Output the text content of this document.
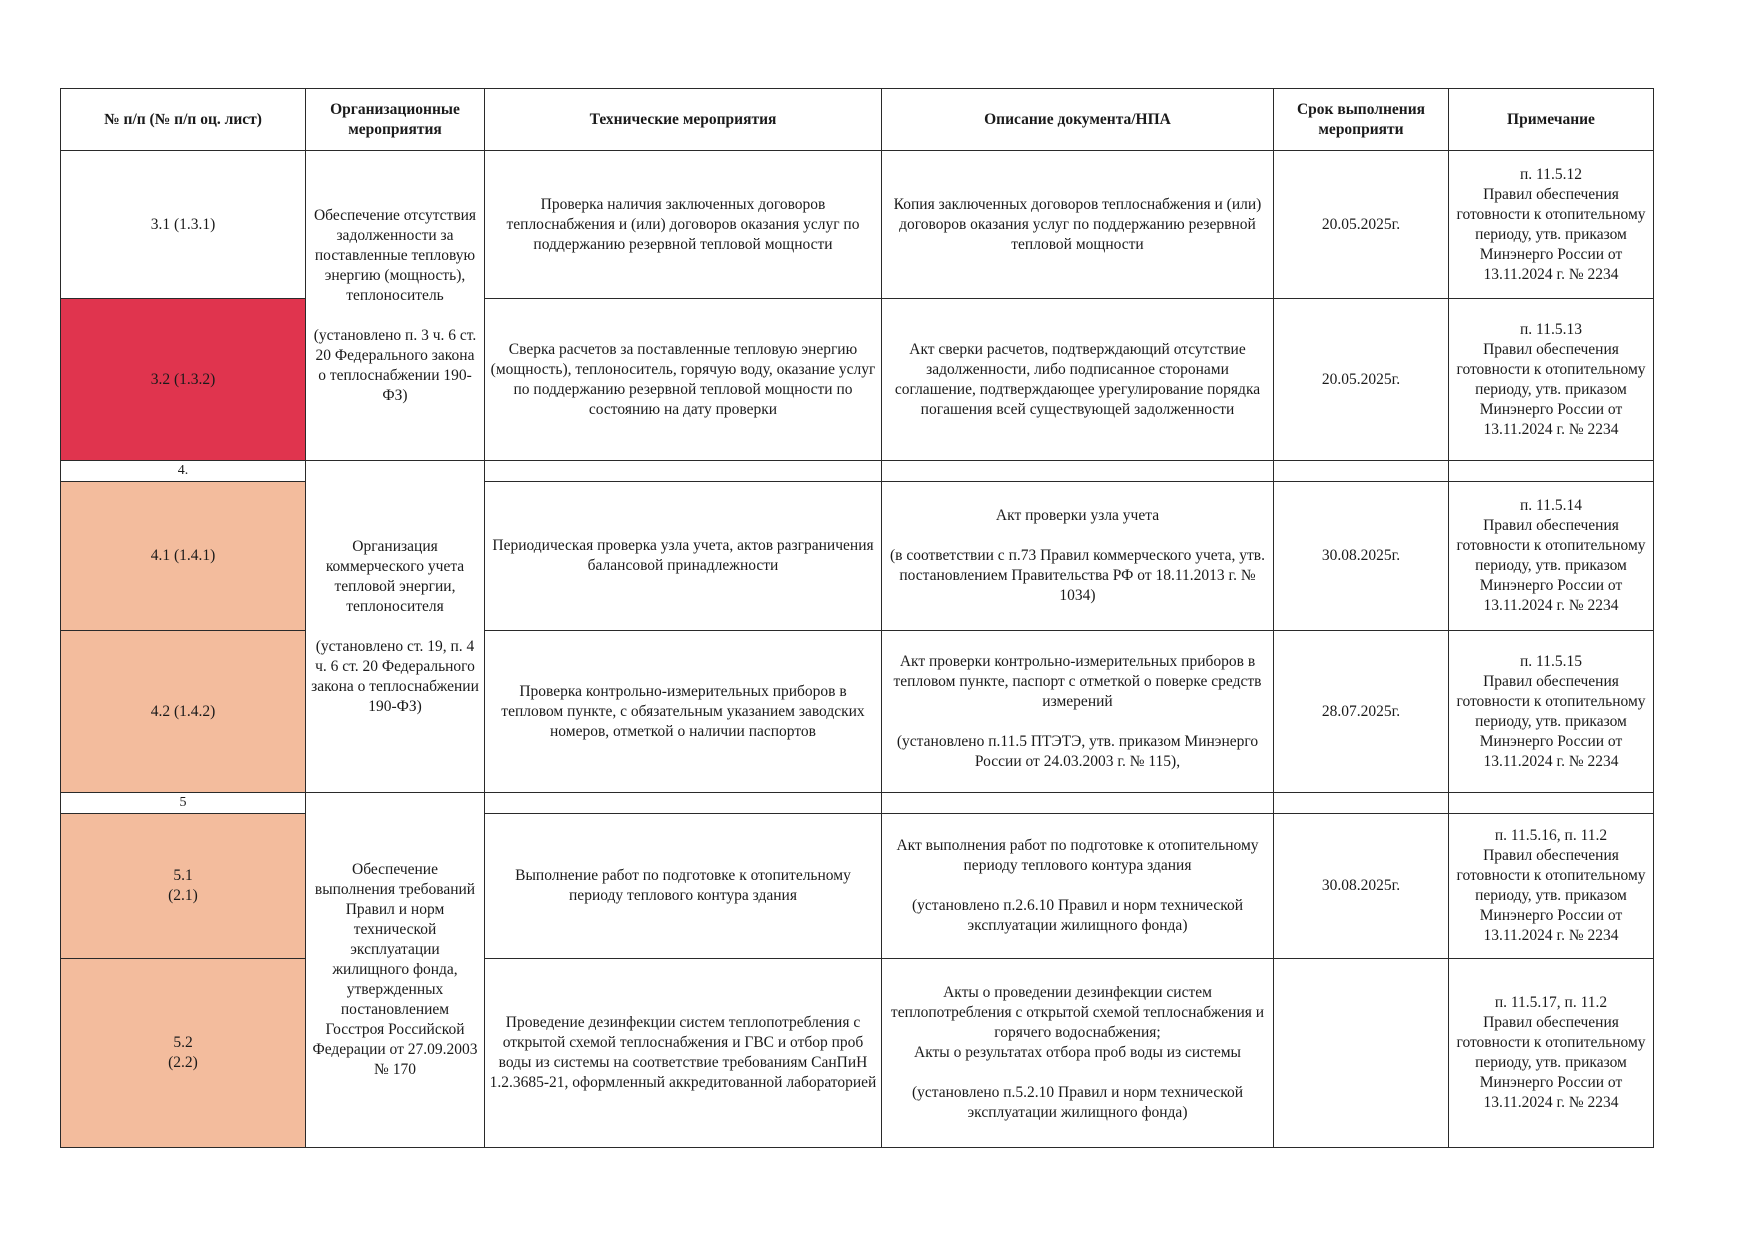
№ п/п (№ п/п оц. лист)
Организационные мероприятия
Технические мероприятия	Описание документа/НПА
Срок выполнения мероприяти
Примечание
3.1 (1.3.1)
3.2 (1.3.2)
Обеспечение отсутствия задолженности за поставленные тепловую энергию (мощность), теплоноситель
(установлено п. 3 ч. 6 ст. 20 Федерального закона о теплоснабжении 190-ФЗ)
Проверка наличия заключенных договоров теплоснабжения и (или) договоров оказания услуг по поддержанию резервной тепловой мощности
Копия заключенных договоров теплоснабжения и (или) договоров оказания услуг по поддержанию резервной тепловой мощности
20.05.2025г.
п. 11.5.12
Правил обеспечения готовности к отопительному периоду, утв. приказом Минэнерго России от 13.11.2024 г. № 2234
Сверка расчетов за поставленные тепловую энергию (мощность), теплоноситель, горячую воду, оказание услуг по поддержанию резервной тепловой мощности по состоянию на дату проверки
Акт сверки расчетов, подтверждающий отсутствие задолженности, либо подписанное сторонами соглашение, подтверждающее урегулирование порядка погашения всей существующей задолженности
20.05.2025г.
п. 11.5.13
Правил обеспечения готовности к отопительному периоду, утв. приказом Минэнерго России от 13.11.2024 г. № 2234
4.
4.1 (1.4.1)
4.2 (1.4.2)
Организация коммерческого учета тепловой энергии, теплоносителя
(установлено ст. 19, п. 4 ч. 6 ст. 20 Федерального закона о теплоснабжении 190-ФЗ)
Периодическая проверка узла учета, актов разграничения балансовой принадлежности
Акт проверки узла учета
(в соответствии с п.73 Правил коммерческого учета, утв. постановлением Правительства РФ от 18.11.2013 г. № 1034)
30.08.2025г.
п. 11.5.14
Правил обеспечения готовности к отопительному периоду, утв. приказом Минэнерго России от 13.11.2024 г. № 2234
Проверка контрольно-измерительных приборов в тепловом пункте, с обязательным указанием заводских номеров, отметкой о наличии паспортов
Акт проверки контрольно-измерительных приборов в тепловом пункте, паспорт с отметкой о поверке средств измерений
(установлено п.11.5 ПТЭТЭ, утв. приказом Минэнерго России от 24.03.2003 г. № 115),
28.07.2025г.
п. 11.5.15
Правил обеспечения готовности к отопительному периоду, утв. приказом Минэнерго России от 13.11.2024 г. № 2234
5
5.1
(2.1)
5.2
(2.2)
Обеспечение выполнения требований Правил и норм технической эксплуатации жилищного фонда, утвержденных постановлением Госстроя Российской Федерации от 27.09.2003 № 170
Выполнение работ по подготовке к отопительному периоду теплового контура здания
Акт выполнения работ по подготовке к отопительному периоду теплового контура здания
(установлено п.2.6.10 Правил и норм технической эксплуатации жилищного фонда)
30.08.2025г.
п. 11.5.16, п. 11.2
Правил обеспечения готовности к отопительному периоду, утв. приказом Минэнерго России от 13.11.2024 г. № 2234
Проведение дезинфекции систем теплопотребления с открытой схемой теплоснабжения и ГВС и отбор проб воды из системы на соответствие требованиям СанПиН 1.2.3685-21, оформленный аккредитованной лабораторией
Акты о проведении дезинфекции систем теплопотребления с открытой схемой теплоснабжения и горячего водоснабжения;
Акты о результатах отбора проб воды из системы
(установлено п.5.2.10 Правил и норм технической эксплуатации жилищного фонда)
п. 11.5.17, п. 11.2
Правил обеспечения готовности к отопительному периоду, утв. приказом Минэнерго России от 13.11.2024 г. № 2234
